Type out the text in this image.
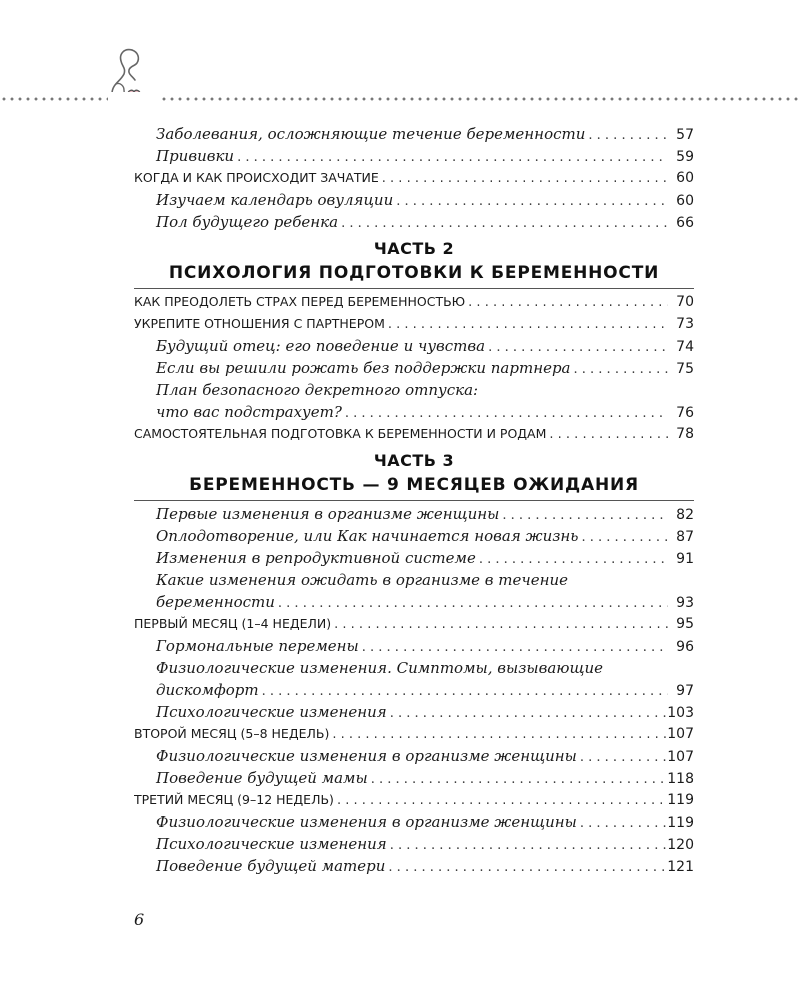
Заболевания, осложняющие течение беременности . . .	57
Прививки . . .	59
КОГДА И КАК ПРОИСХОДИТ ЗАЧАТИЕ . . .	60
Изучаем календарь овуляции . . .	60
Пол будущего ребенка . . .	66
ЧАСТЬ 2
ПСИХОЛОГИЯ ПОДГОТОВКИ К БЕРЕМЕННОСТИ
КАК ПРЕОДОЛЕТЬ СТРАХ ПЕРЕД БЕРЕМЕННОСТЬЮ . . .	70
УКРЕПИТЕ ОТНОШЕНИЯ С ПАРТНЕРОМ . . .	73
Будущий отец: его поведение и чувства . . .	74
Если вы решили рожать без поддержки партнера . . .	75
План безопасного декретного отпуска:
что вас подстрахует? . . .	76
САМОСТОЯТЕЛЬНАЯ ПОДГОТОВКА К БЕРЕМЕННОСТИ И РОДАМ . . .	78
ЧАСТЬ 3
БЕРЕМЕННОСТЬ — 9 МЕСЯЦЕВ ОЖИДАНИЯ
Первые изменения в организме женщины . . .	82
Оплодотворение, или Как начинается новая жизнь . . .	87
Изменения в репродуктивной системе . . .	91
Какие изменения ожидать в организме в течение
беременности . . .	93
ПЕРВЫЙ МЕСЯЦ (1–4 НЕДЕЛИ) . . .	95
Гормональные перемены . . .	96
Физиологические изменения. Симптомы, вызывающие
дискомфорт . . .	97
Психологические изменения . . .	103
ВТОРОЙ МЕСЯЦ (5–8 НЕДЕЛЬ) . . .	107
Физиологические изменения в организме женщины . . .	107
Поведение будущей мамы . . .	118
ТРЕТИЙ МЕСЯЦ (9–12 НЕДЕЛЬ) . . .	119
Физиологические изменения в организме женщины . . .	119
Психологические изменения . . .	120
Поведение будущей матери . . .	121
6
